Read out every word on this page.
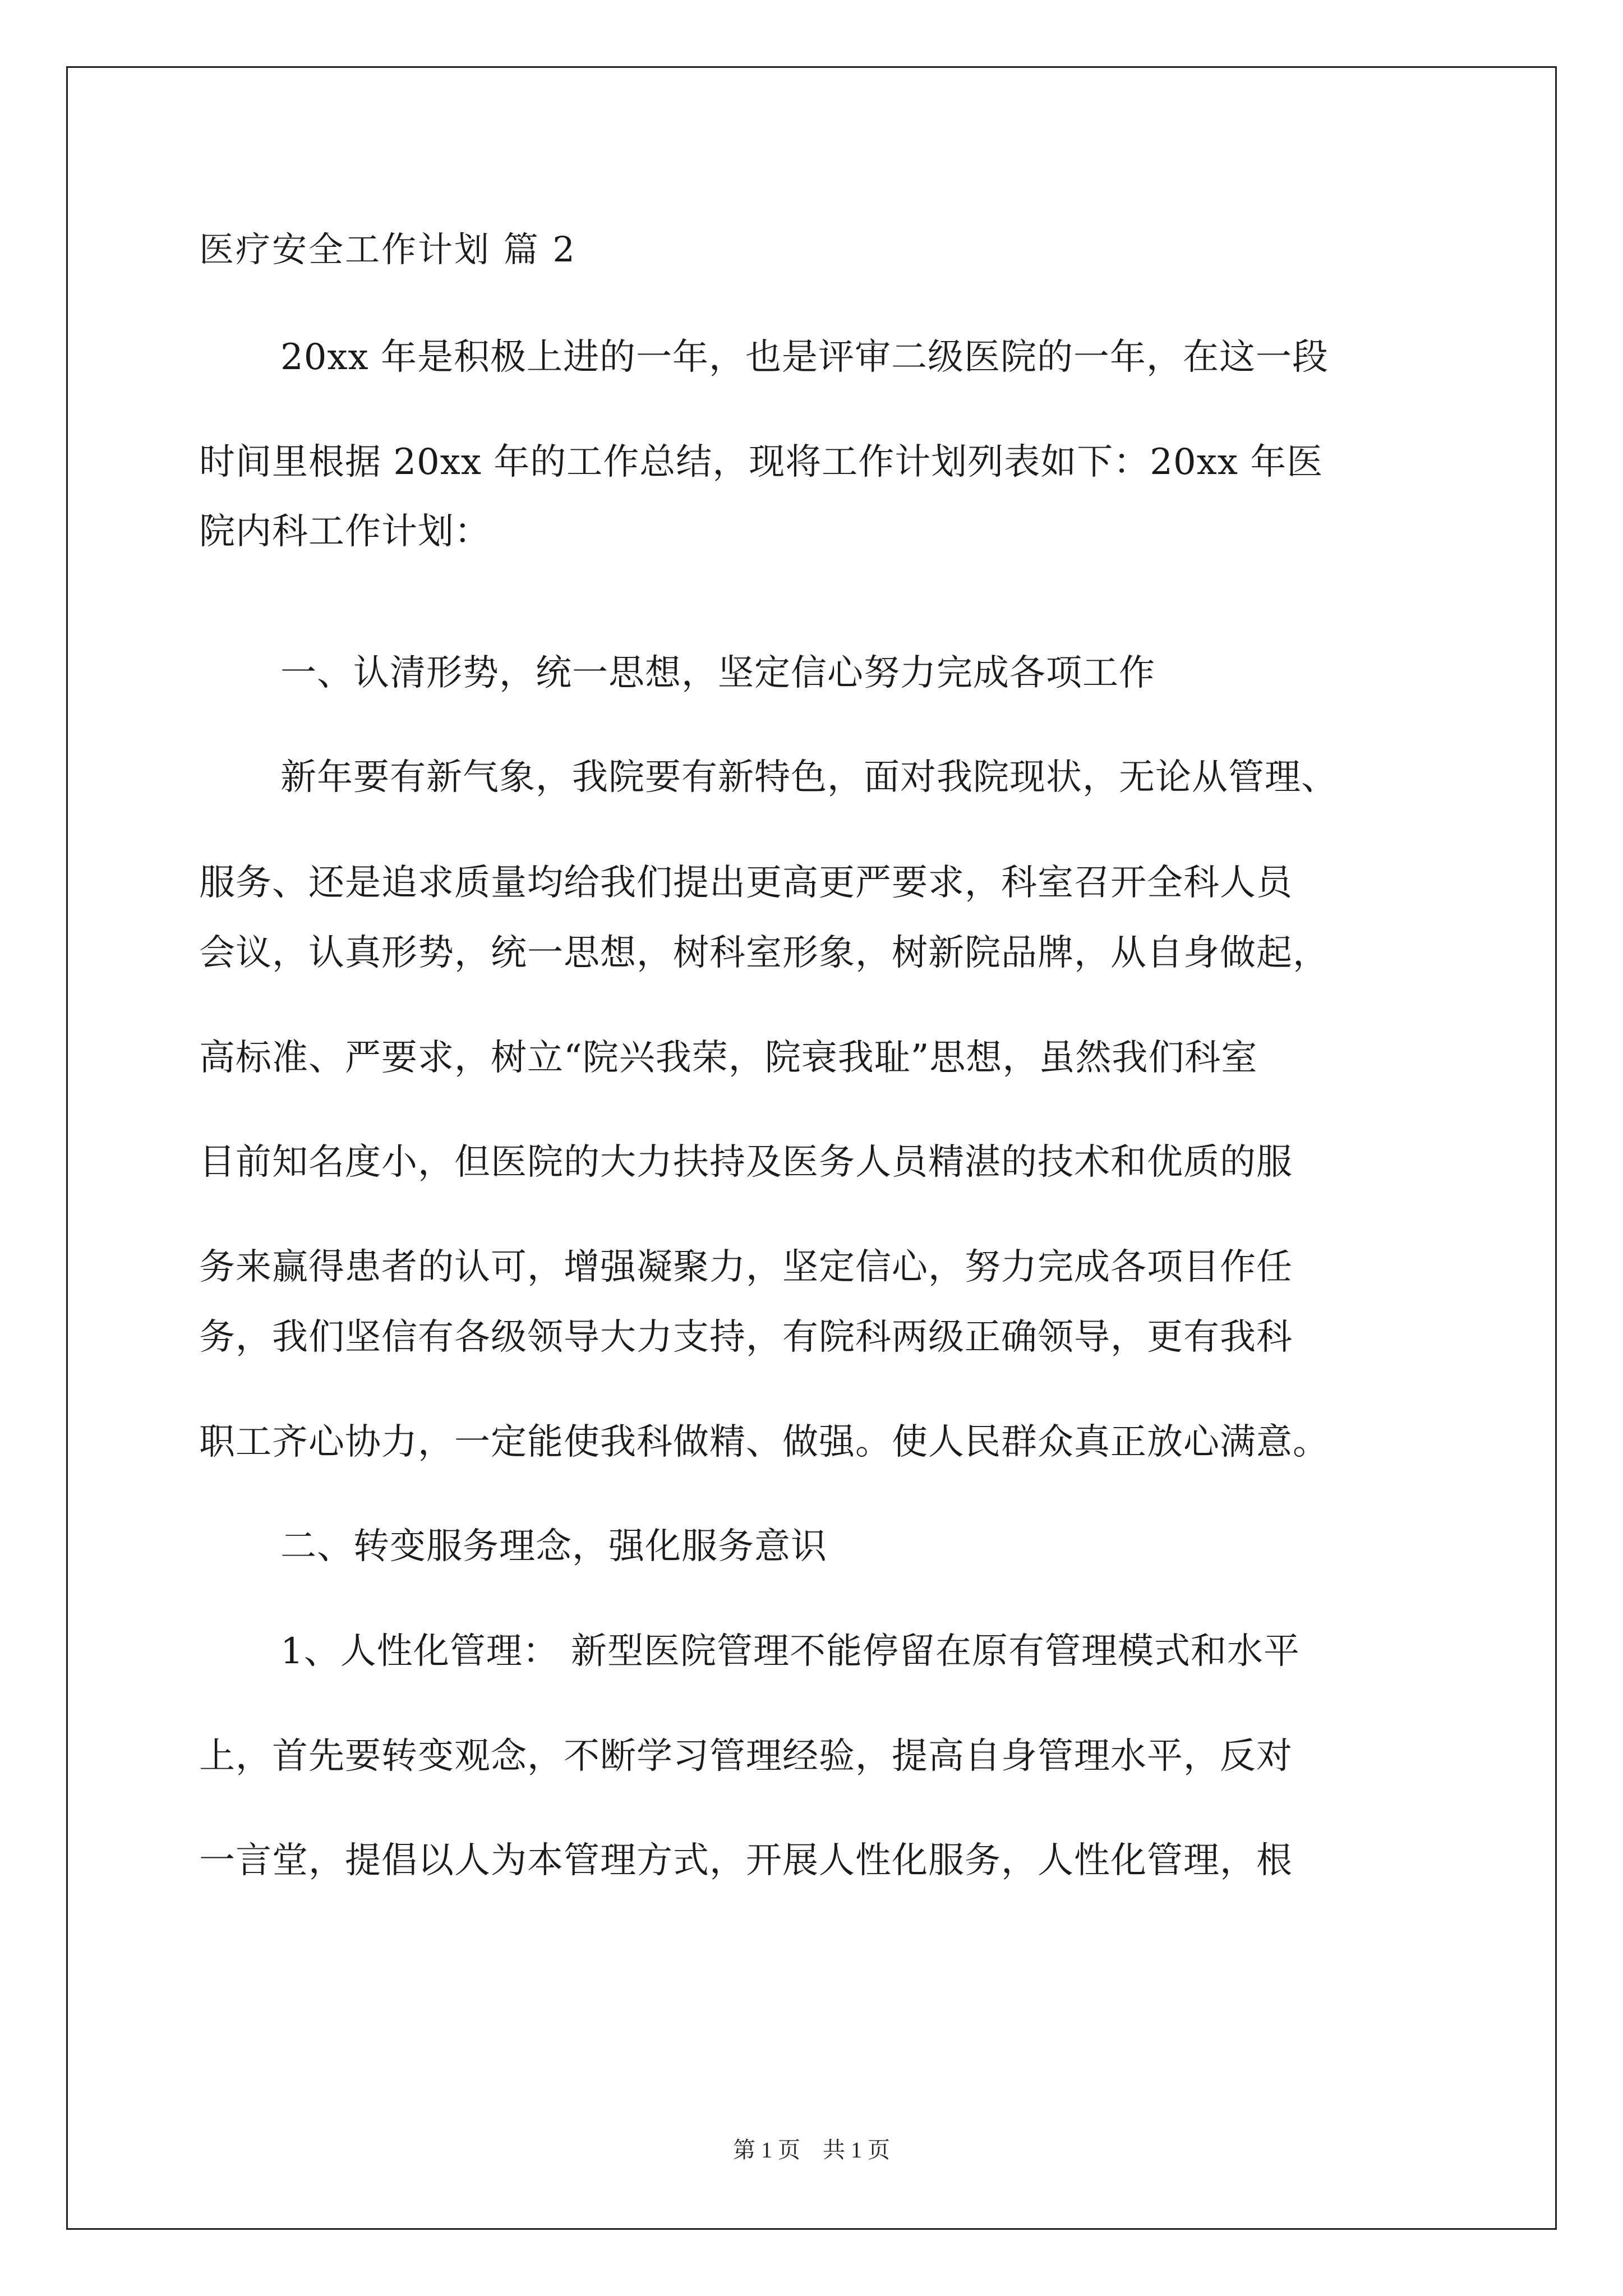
医疗安全工作计划 篇 2
20xx 年是积极上进的一年，也是评审二级医院的一年，在这一段
时间里根据 20xx 年的工作总结，现将工作计划列表如下：20xx 年医
院内科工作计划：
一、认清形势，统一思想，坚定信心努力完成各项工作
新年要有新气象，我院要有新特色，面对我院现状，无论从管理、
服务、还是追求质量均给我们提出更高更严要求，科室召开全科人员
会议，认真形势，统一思想，树科室形象，树新院品牌，从自身做起，
高标准、严要求，树立“院兴我荣，院衰我耻”思想，虽然我们科室
目前知名度小，但医院的大力扶持及医务人员精湛的技术和优质的服
务来赢得患者的认可，增强凝聚力，坚定信心，努力完成各项目作任
务，我们坚信有各级领导大力支持，有院科两级正确领导，更有我科
职工齐心协力，一定能使我科做精、做强。使人民群众真正放心满意。
二、转变服务理念，强化服务意识
1、人性化管理： 新型医院管理不能停留在原有管理模式和水平
上，首先要转变观念，不断学习管理经验，提高自身管理水平，反对
一言堂，提倡以人为本管理方式，开展人性化服务，人性化管理，根
第 1 页　共 1 页
